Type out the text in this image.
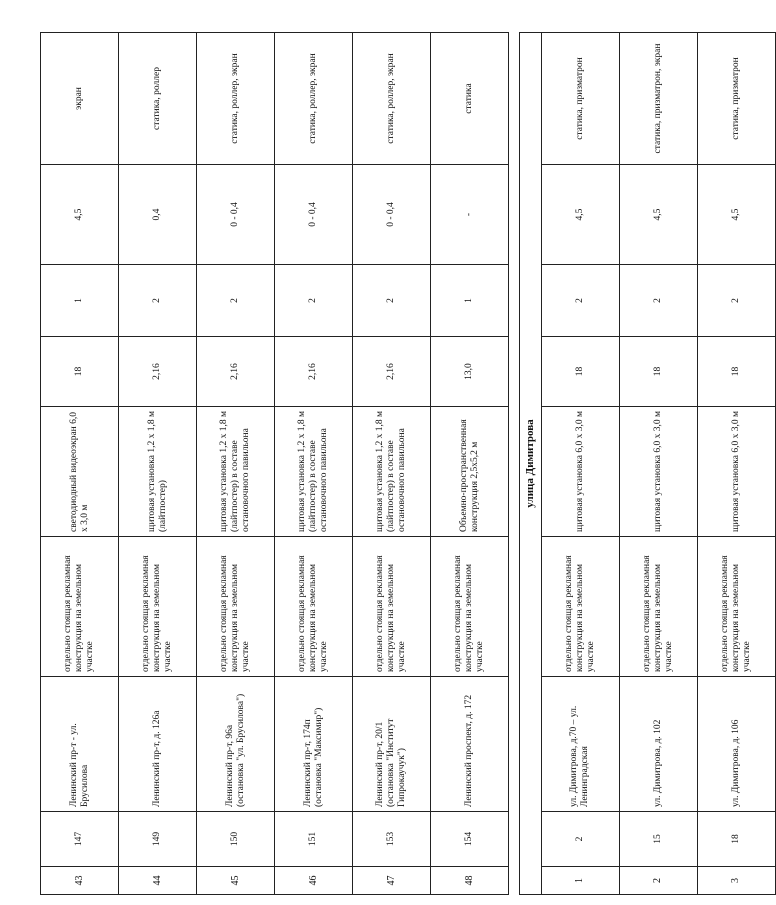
43	147	Ленинский пр-т - ул. Брусилова	отдельно стоящая рекламная конструкция на земельном участке	светодиодный видеоэкран 6,0 х 3,0 м	18	1	4,5	экран
44	149	Ленинский пр-т, д. 126а	отдельно стоящая рекламная конструкция на земельном участке	щитовая установка 1,2 х 1,8 м (лайтпостер)	2,16	2	0,4	статика, роллер
45	150	Ленинский пр-т, 96а (остановка "ул. Брусилова")	отдельно стоящая рекламная конструкция на земельном участке	щитовая установка 1,2 х 1,8 м (лайтпостер) в составе остановочного павильона	2,16	2	0 - 0,4	статика, роллер, экран
46	151	Ленинский пр-т, 174п (остановка "Максимир")	отдельно стоящая рекламная конструкция на земельном участке	щитовая установка 1,2 х 1,8 м (лайтпостер) в составе остановочного павильона	2,16	2	0 - 0,4	статика, роллер, экран
47	153	Ленинский пр-т, 20/1 (остановка "Институт Гипрокаучук")	отдельно стоящая рекламная конструкция на земельном участке	щитовая установка 1,2 х 1,8 м (лайтпостер) в составе остановочного павильона	2,16	2	0 - 0,4	статика, роллер, экран
48	154	Ленинский проспект, д. 172	отдельно стоящая рекламная конструкция на земельном участке	Объемно-пространственная конструкция 2,5х5,2 м	13,0	1	-	статика

улица Димитрова								
1	2	ул. Димитрова, д.70 – ул. Ленинградская	отдельно стоящая рекламная конструкция на земельном участке	щитовая установка 6,0 х 3,0 м	18	2	4,5	статика, призматрон
2	15	ул. Димитрова, д. 102	отдельно стоящая рекламная конструкция на земельном участке	щитовая установка 6,0 х 3,0 м	18	2	4,5	статика, призматрон, экран
3	18	ул. Димитрова, д. 106	отдельно стоящая рекламная конструкция на земельном участке	щитовая установка 6,0 х 3,0 м	18	2	4,5	статика, призматрон
